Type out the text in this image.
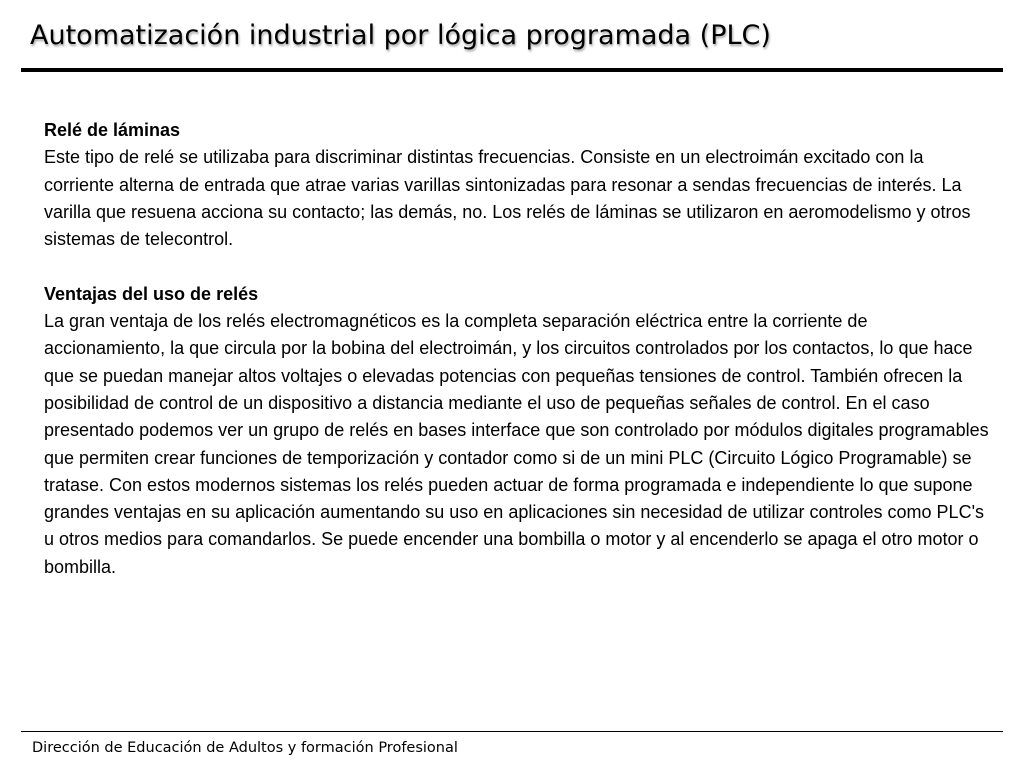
Automatización industrial por lógica programada (PLC)
Relé de láminas
Este tipo de relé se utilizaba para discriminar distintas frecuencias. Consiste en un electroimán excitado con la corriente alterna de entrada que atrae varias varillas sintonizadas para resonar a sendas frecuencias de interés. La varilla que resuena acciona su contacto; las demás, no. Los relés de láminas se utilizaron en aeromodelismo y otros sistemas de telecontrol.
Ventajas del uso de relés
La gran ventaja de los relés electromagnéticos es la completa separación eléctrica entre la corriente de accionamiento, la que circula por la bobina del electroimán, y los circuitos controlados por los contactos, lo que hace que se puedan manejar altos voltajes o elevadas potencias con pequeñas tensiones de control. También ofrecen la posibilidad de control de un dispositivo a distancia mediante el uso de pequeñas señales de control. En el caso presentado podemos ver un grupo de relés en bases interface que son controlado por módulos digitales programables que permiten crear funciones de temporización y contador como si de un mini PLC (Circuito Lógico Programable) se tratase. Con estos modernos sistemas los relés pueden actuar de forma programada e independiente lo que supone grandes ventajas en su aplicación aumentando su uso en aplicaciones sin necesidad de utilizar controles como PLC's u otros medios para comandarlos. Se puede encender una bombilla o motor y al encenderlo se apaga el otro motor o bombilla.
Dirección de Educación de Adultos y formación Profesional
